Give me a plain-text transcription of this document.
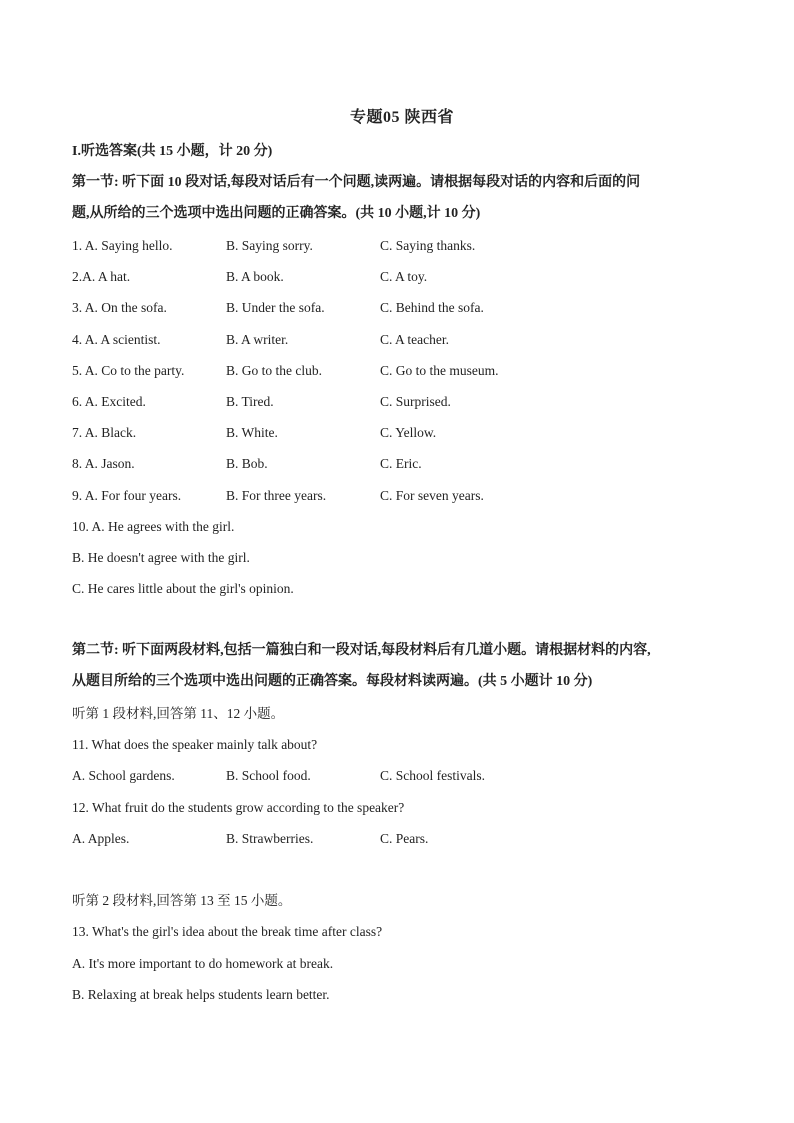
专题05 陕西省
I.听选答案(共 15 小题，计 20 分)
第一节: 听下面 10 段对话,每段对话后有一个问题,读两遍。请根据每段对话的内容和后面的问
题,从所给的三个选项中选出问题的正确答案。(共 10 小题,计 10 分)
1. A. Saying hello.	B. Saying sorry.	C. Saying thanks.
2.A. A hat.	B. A book.	C. A toy.
3. A. On the sofa.	B. Under the sofa.	C. Behind the sofa.
4. A. A scientist.	B. A writer.	C. A teacher.
5. A. Co to the party.	B. Go to the club.	C. Go to the museum.
6. A. Excited.	B. Tired.	C. Surprised.
7. A. Black.	B. White.	C. Yellow.
8. A. Jason.	B. Bob.	C. Eric.
9. A. For four years.	B. For three years.	C. For seven years.
10. A. He agrees with the girl.
B. He doesn't agree with the girl.
C. He cares little about the girl's opinion.
第二节: 听下面两段材料,包括一篇独白和一段对话,每段材料后有几道小题。请根据材料的内容,
从题目所给的三个选项中选出问题的正确答案。每段材料读两遍。(共 5 小题计 10 分)
听第 1 段材料,回答第 11、12 小题。
11. What does the speaker mainly talk about?
A. School gardens.	B. School food.	C. School festivals.
12. What fruit do the students grow according to the speaker?
A. Apples.	B. Strawberries.	C. Pears.
听第 2 段材料,回答第 13 至 15 小题。
13. What's the girl's idea about the break time after class?
A. It's more important to do homework at break.
B. Relaxing at break helps students learn better.
